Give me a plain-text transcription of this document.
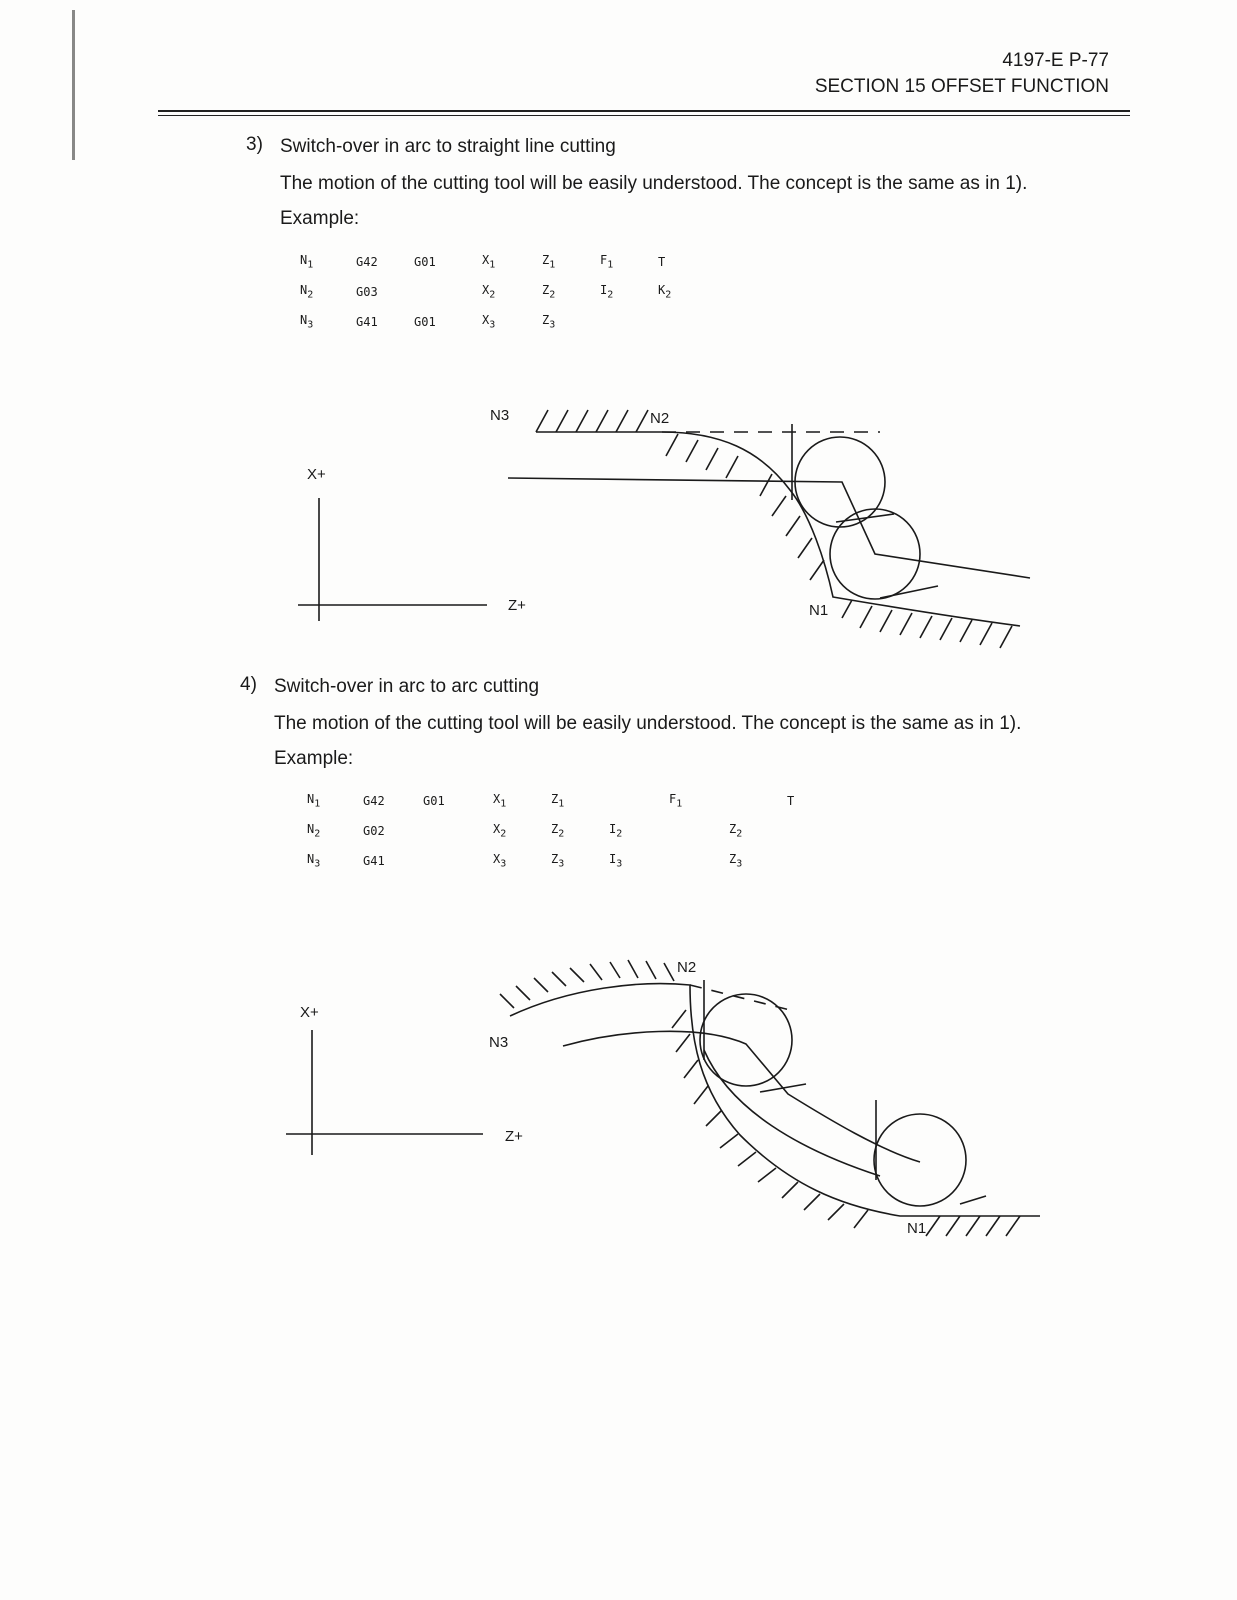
4197-E P-77
SECTION 15 OFFSET FUNCTION
3) Switch-over in arc to straight line cutting
The motion of the cutting tool will be easily understood. The concept is the same as in 1).
Example:
$N_1$	G42	G01	$X_1$	$Z_1$	$F_1$	T
$N_2$	G03		$X_2$	$Z_2$	$I_2$	$K_2$
$N_3$	G41	G01	$X_3$	$Z_3$		
4) Switch-over in arc to arc cutting
The motion of the cutting tool will be easily understood. The concept is the same as in 1).
Example:
$N_1$	G42	G01	$X_1$	$Z_1$		$F_1$		T
$N_2$	G02		$X_2$	$Z_2$	$I_2$		$Z_2$	
$N_3$	G41		$X_3$	$Z_3$	$I_3$		$Z_3$	
X+
Z+
N3	N2
N1
X+
Z+
N3
N2
N1
